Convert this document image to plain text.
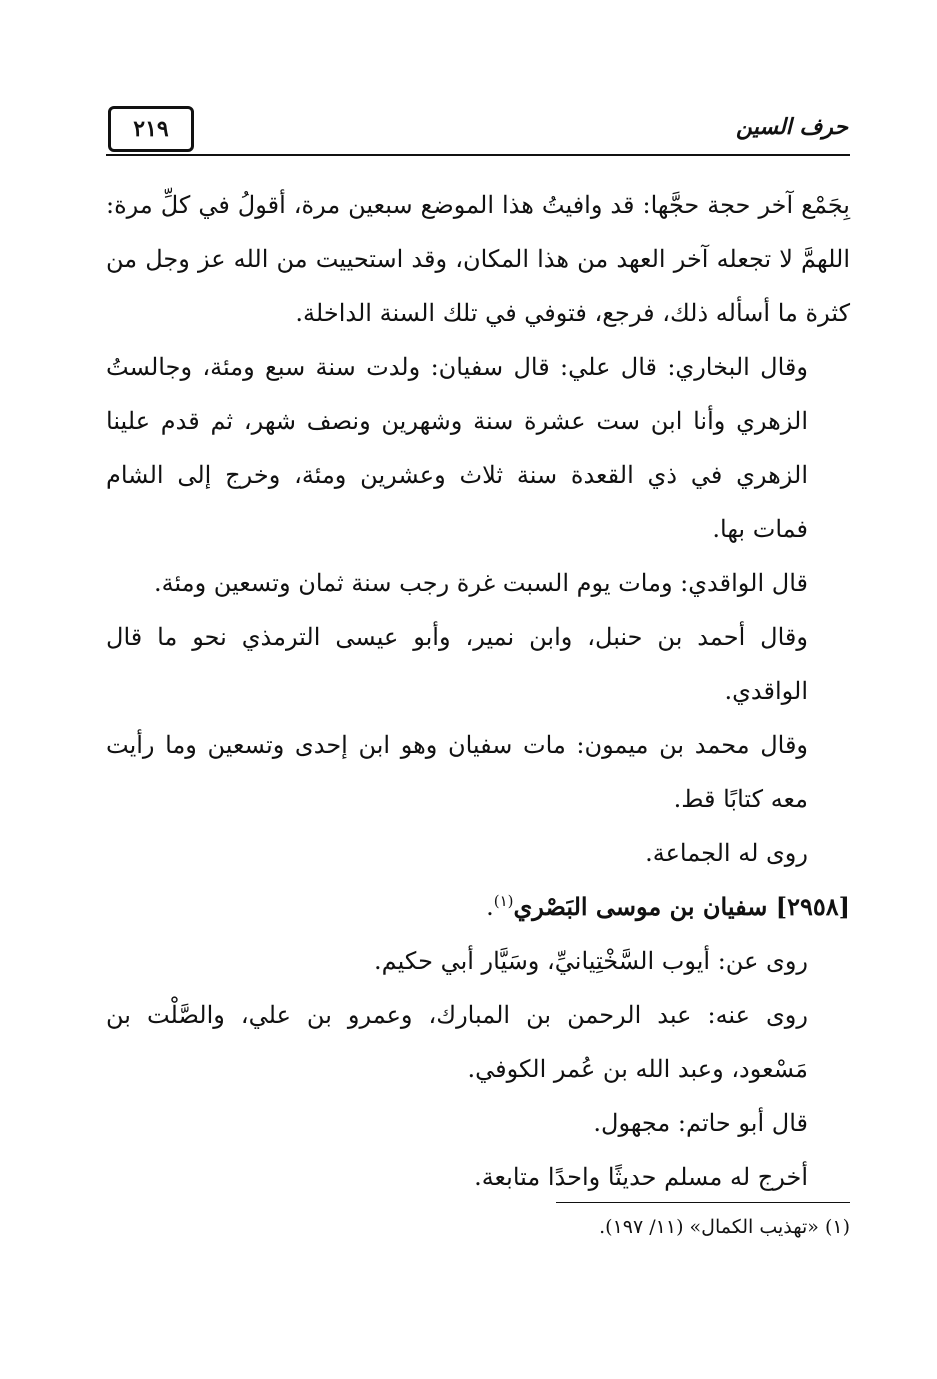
٢١٩	حرف السين

بِجَمْع آخر حجة حجَّها: قد وافيتُ هذا الموضع سبعين مرة، أقولُ في كلِّ مرة: اللهمَّ لا تجعله آخر العهد من هذا المكان، وقد استحييت من الله عز وجل من كثرة ما أسأله ذلك، فرجع، فتوفي في تلك السنة الداخلة.

وقال البخاري: قال علي: قال سفيان: ولدت سنة سبع ومئة، وجالستُ الزهري وأنا ابن ست عشرة سنة وشهرين ونصف شهر، ثم قدم علينا الزهري في ذي القعدة سنة ثلاث وعشرين ومئة، وخرج إلى الشام فمات بها.

قال الواقدي: ومات يوم السبت غرة رجب سنة ثمان وتسعين ومئة.

وقال أحمد بن حنبل، وابن نمير، وأبو عيسى الترمذي نحو ما قال الواقدي.

وقال محمد بن ميمون: مات سفيان وهو ابن إحدى وتسعين وما رأيت معه كتابًا قط.

روى له الجماعة.

[٢٩٥٨] سفيان بن موسى البَصْري$^{(١)}$.

روى عن: أيوب السَّخْتِيانيِّ، وسَيَّار أبي حكيم.

روى عنه: عبد الرحمن بن المبارك، وعمرو بن علي، والصَّلْت بن مَسْعود، وعبد الله بن عُمر الكوفي.

قال أبو حاتم: مجهول.

أخرج له مسلم حديثًا واحدًا متابعة.

(١) «تهذيب الكمال» (١١/ ١٩٧).
